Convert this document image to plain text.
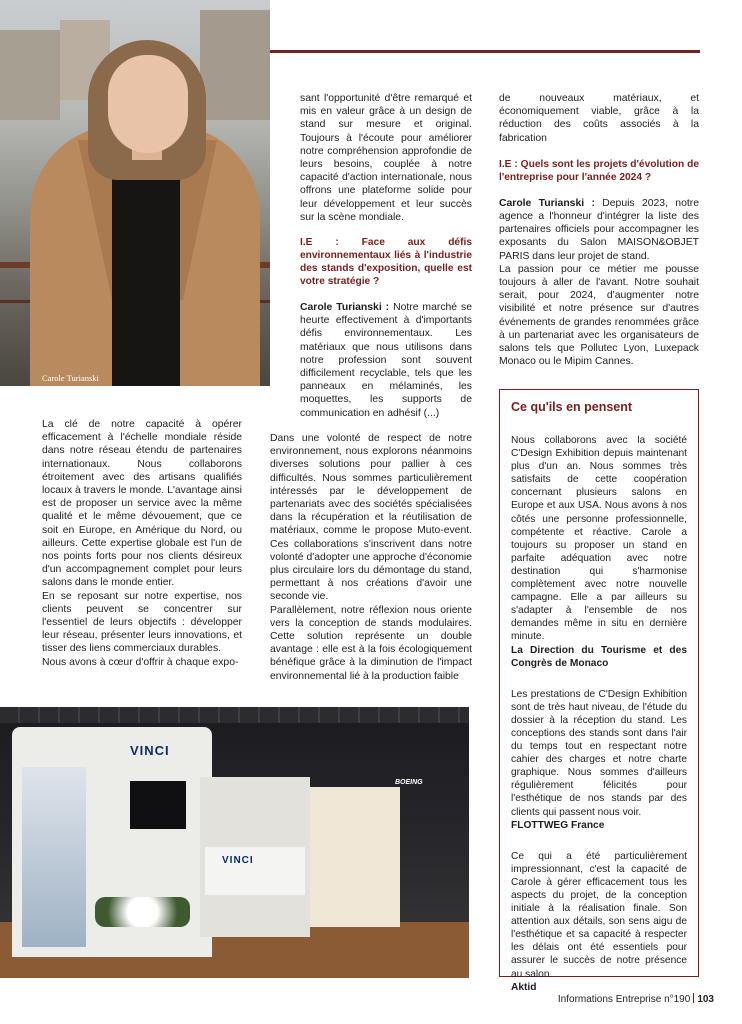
Carole Turianski

sant l'opportunité d'être remarqué et mis en valeur grâce à un design de stand sur mesure et original. Toujours à l'écoute pour améliorer notre compréhension approfondie de leurs besoins, couplée à notre capacité d'action internationale, nous offrons une plateforme solide pour leur développement et leur succès sur la scène mondiale.

I.E : Face aux défis environnementaux liés à l'industrie des stands d'exposition, quelle est votre stratégie ?

Carole Turianski : Notre marché se heurte effectivement à d'importants défis environnementaux. Les matériaux que nous utilisons dans notre profession sont souvent difficilement recyclable, tels que les panneaux en mélaminés, les moquettes, les supports de communication en adhésif (...)

de nouveaux matériaux, et économiquement viable, grâce à la réduction des coûts associés à la fabrication

I.E : Quels sont les projets d'évolution de l'entreprise pour l'année 2024 ?

Carole Turianski : Depuis 2023, notre agence a l'honneur d'intégrer la liste des partenaires officiels pour accompagner les exposants du Salon MAISON&OBJET PARIS dans leur projet de stand.

La passion pour ce métier me pousse toujours à aller de l'avant. Notre souhait serait, pour 2024, d'augmenter notre visibilité et notre présence sur d'autres événements de grandes renommées grâce à un partenariat avec les organisateurs de salons tels que Pollutec Lyon, Luxepack Monaco ou le Mipim Cannes.

La clé de notre capacité à opérer efficacement à l'échelle mondiale réside dans notre réseau étendu de partenaires internationaux. Nous collaborons étroitement avec des artisans qualifiés locaux à travers le monde. L'avantage ainsi est de proposer un service avec la même qualité et le même dévouement, que ce soit en Europe, en Amérique du Nord, ou ailleurs. Cette expertise globale est l'un de nos points forts pour nos clients désireux d'un accompagnement complet pour leurs salons dans le monde entier.

En se reposant sur notre expertise, nos clients peuvent se concentrer sur l'essentiel de leurs objectifs : développer leur réseau, présenter leurs innovations, et tisser des liens commerciaux durables.

Nous avons à cœur d'offrir à chaque expo-

Dans une volonté de respect de notre environnement, nous explorons néanmoins diverses solutions pour pallier à ces difficultés. Nous sommes particulièrement intéressés par le développement de partenariats avec des sociétés spécialisées dans la récupération et la réutilisation de matériaux, comme le propose Muto-event. Ces collaborations s'inscrivent dans notre volonté d'adopter une approche d'économie plus circulaire lors du démontage du stand, permettant à nos créations d'avoir une seconde vie.

Parallèlement, notre réflexion nous oriente vers la conception de stands modulaires. Cette solution représente un double avantage : elle est à la fois écologiquement bénéfique grâce à la diminution de l'impact environnemental lié à la production faible

VINCI
VINCI
BOEING
Ce qu'ils en pensent

Nous collaborons avec la société C'Design Exhibition depuis maintenant plus d'un an. Nous sommes très satisfaits de cette coopération concernant plusieurs salons en Europe et aux USA. Nous avons à nos côtés une personne professionnelle, compétente et réactive. Carole a toujours su proposer un stand en parfaite adéquation avec notre destination qui s'harmonise complètement avec notre nouvelle campagne. Elle a par ailleurs su s'adapter à l'ensemble de nos demandes même in situ en dernière minute.

La Direction du Tourisme et des Congrès de Monaco

Les prestations de C'Design Exhibition sont de très haut niveau, de l'étude du dossier à la réception du stand. Les conceptions des stands sont dans l'air du temps tout en respectant notre cahier des charges et notre charte graphique. Nous sommes d'ailleurs régulièrement félicités pour l'esthétique de nos stands par des clients qui passent nous voir.

FLOTTWEG France

Ce qui a été particulièrement impressionnant, c'est la capacité de Carole à gérer efficacement tous les aspects du projet, de la conception initiale à la réalisation finale. Son attention aux détails, son sens aigu de l'esthétique et sa capacité à respecter les délais ont été essentiels pour assurer le succès de notre présence au salon.

Aktid

Informations Entreprise n°190 103
